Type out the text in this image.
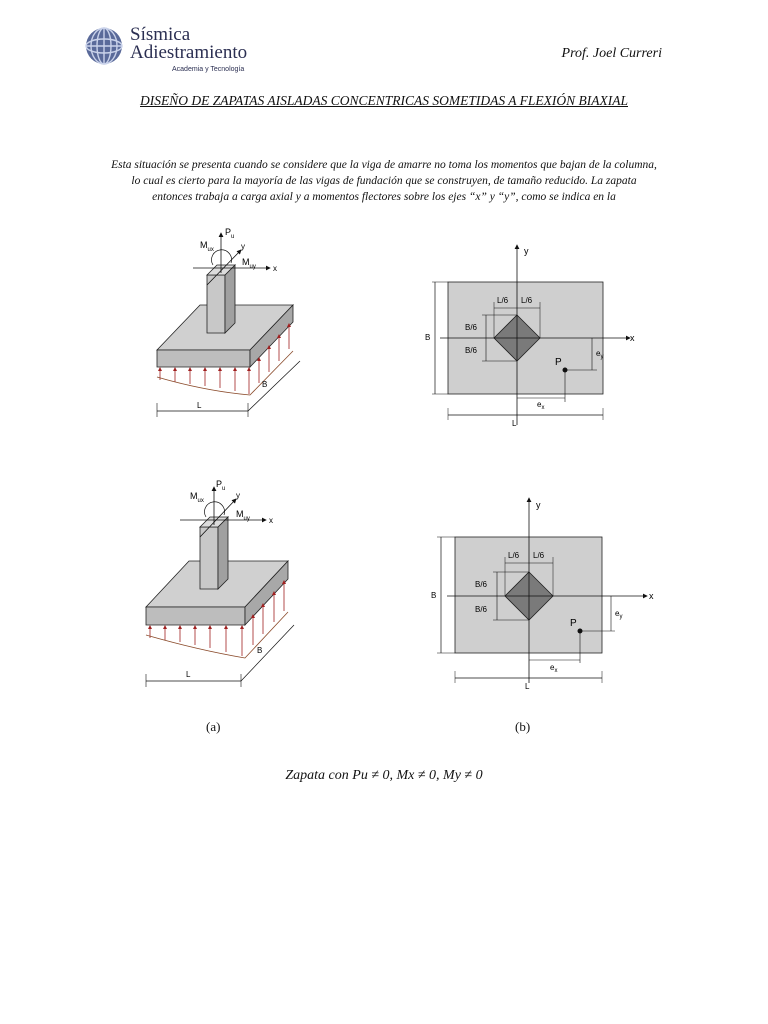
Sísmica
Adiestramiento
Academia y Tecnología
Prof. Joel Curreri
DISEÑO DE ZAPATAS AISLADAS CONCENTRICAS SOMETIDAS A FLEXIÓN BIAXIAL
Esta situación se presenta cuando se considere que la viga de amarre no toma los momentos que bajan de la columna, lo cual es cierto para la mayoría de las vigas de fundación que se construyen, de tamaño reducido. La zapata entonces trabaja a carga axial y a momentos flectores sobre los ejes “x” y “y”, como se indica en la
x
y
$P_u$
$M_{ux}$
$M_{uy}$
L
B
y
x
L/6 L/6
B/6
B/6
B
L
P
$e_x$
$e_y$
x
y
$P_u$
$M_{ux}$
$M_{uy}$
L
B
y
x
L/6 L/6
B/6
B/6
B
L
P
$e_x$
$e_y$
(a)	(b)
Zapata con Pu ≠ 0, Mx ≠ 0, My ≠ 0
